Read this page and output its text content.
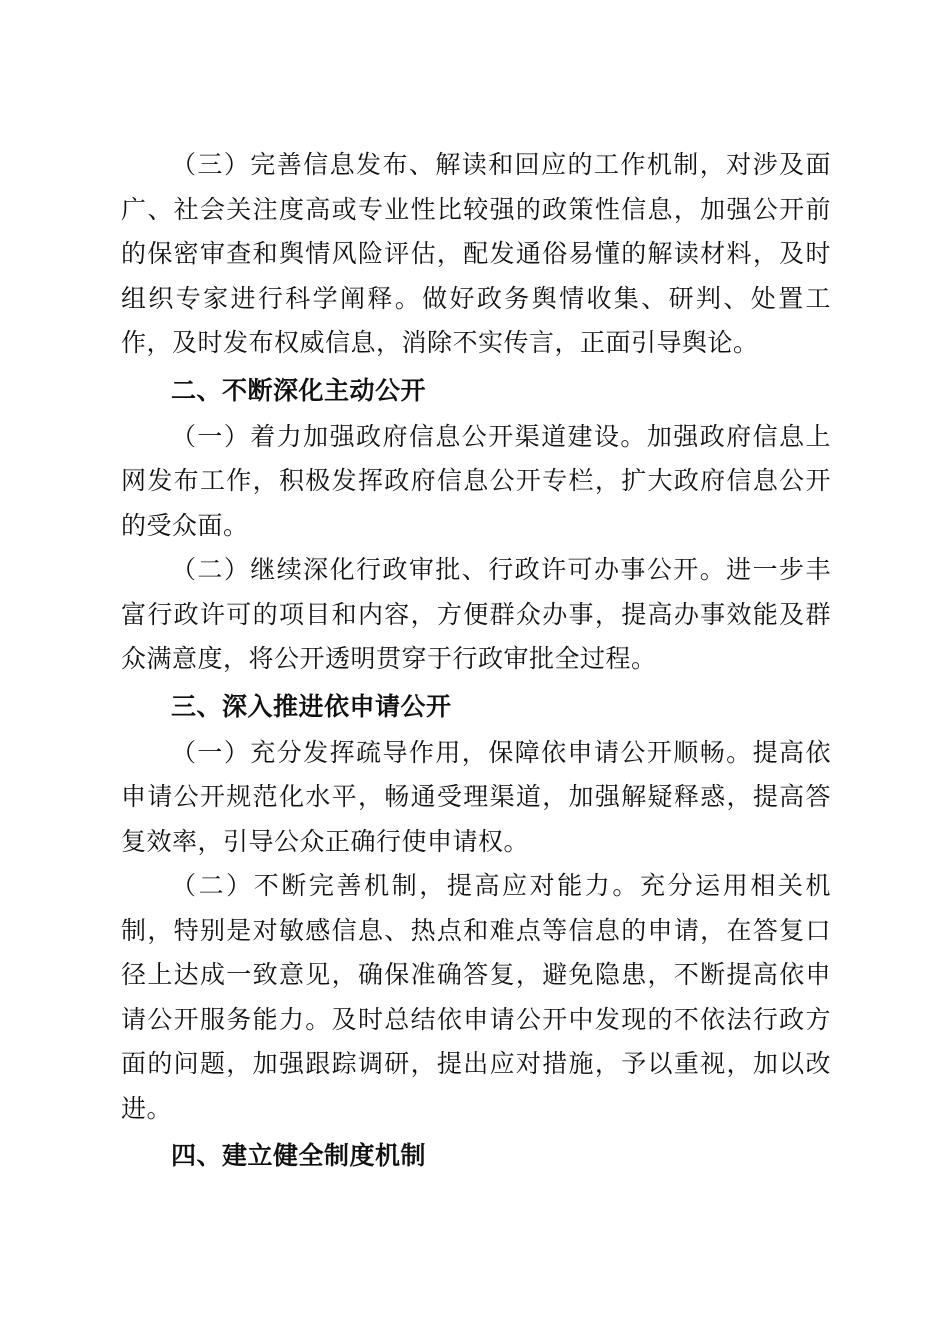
（三）完善信息发布、解读和回应的工作机制，对涉及面广、社会关注度高或专业性比较强的政策性信息，加强公开前的保密审查和舆情风险评估，配发通俗易懂的解读材料，及时组织专家进行科学阐释。做好政务舆情收集、研判、处置工作，及时发布权威信息，消除不实传言，正面引导舆论。

二、不断深化主动公开

（一）着力加强政府信息公开渠道建设。加强政府信息上网发布工作，积极发挥政府信息公开专栏，扩大政府信息公开的受众面。

（二）继续深化行政审批、行政许可办事公开。进一步丰富行政许可的项目和内容，方便群众办事，提高办事效能及群众满意度，将公开透明贯穿于行政审批全过程。

三、深入推进依申请公开

（一）充分发挥疏导作用，保障依申请公开顺畅。提高依申请公开规范化水平，畅通受理渠道，加强解疑释惑，提高答复效率，引导公众正确行使申请权。

（二）不断完善机制，提高应对能力。充分运用相关机制，特别是对敏感信息、热点和难点等信息的申请，在答复口径上达成一致意见，确保准确答复，避免隐患，不断提高依申请公开服务能力。及时总结依申请公开中发现的不依法行政方面的问题，加强跟踪调研，提出应对措施，予以重视，加以改进。

四、建立健全制度机制
